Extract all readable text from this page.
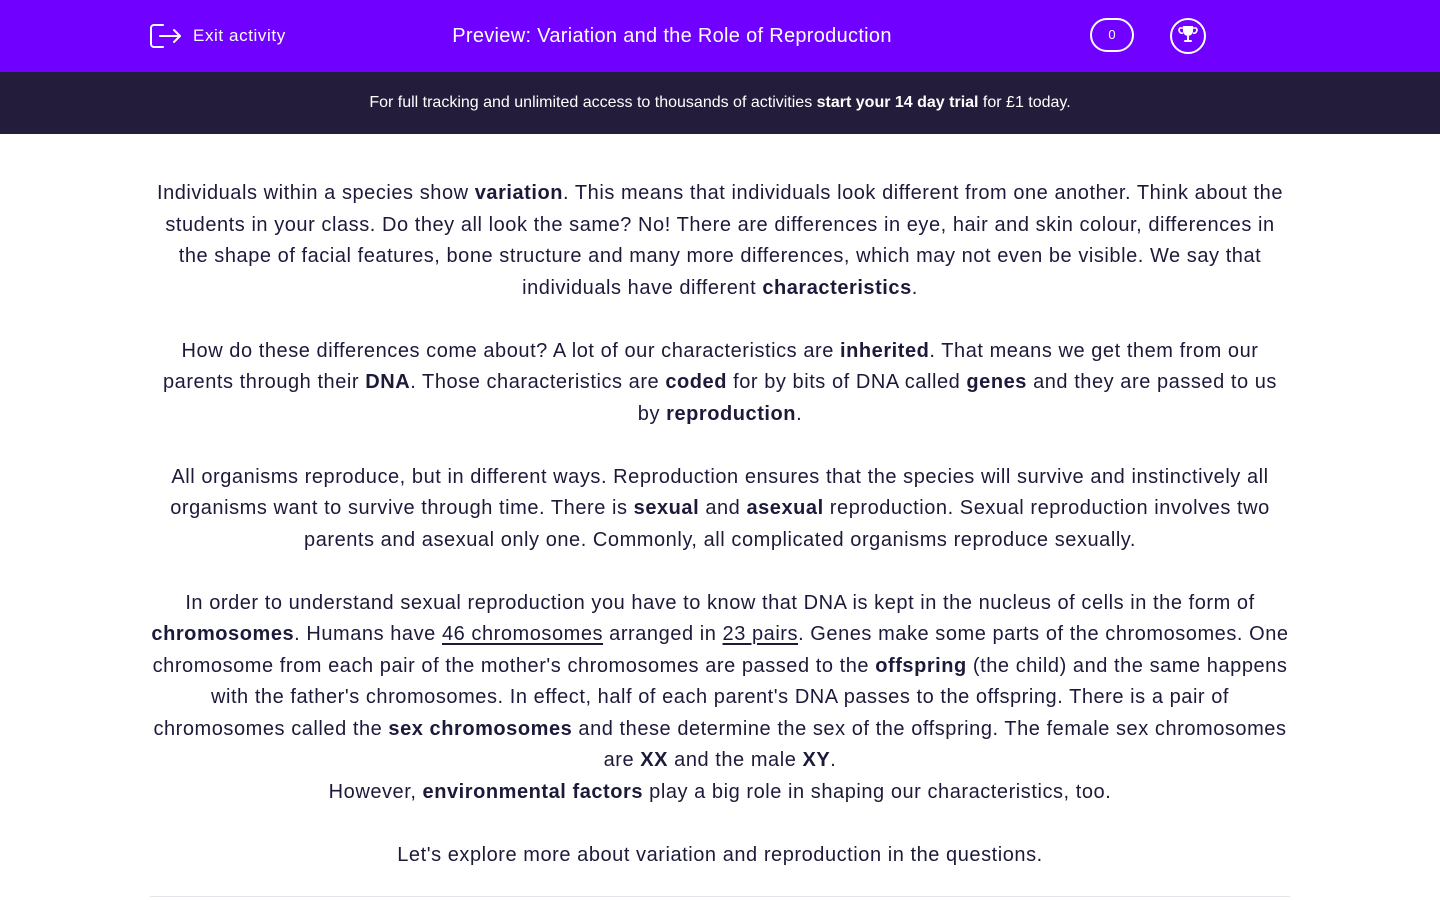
Exit activity	Preview: Variation and the Role of Reproduction	0
For full tracking and unlimited access to thousands of activities start your 14 day trial for £1 today.

Individuals within a species show variation. This means that individuals look different from one another. Think about the students in your class. Do they all look the same? No! There are differences in eye, hair and skin colour, differences in the shape of facial features, bone structure and many more differences, which may not even be visible. We say that individuals have different characteristics.

How do these differences come about? A lot of our characteristics are inherited. That means we get them from our parents through their DNA. Those characteristics are coded for by bits of DNA called genes and they are passed to us by reproduction.

All organisms reproduce, but in different ways. Reproduction ensures that the species will survive and instinctively all organisms want to survive through time. There is sexual and asexual reproduction. Sexual reproduction involves two parents and asexual only one. Commonly, all complicated organisms reproduce sexually.

In order to understand sexual reproduction you have to know that DNA is kept in the nucleus of cells in the form of chromosomes. Humans have 46 chromosomes arranged in 23 pairs. Genes make some parts of the chromosomes. One chromosome from each pair of the mother's chromosomes are passed to the offspring (the child) and the same happens with the father's chromosomes. In effect, half of each parent's DNA passes to the offspring. There is a pair of chromosomes called the sex chromosomes and these determine the sex of the offspring. The female sex chromosomes are XX and the male XY.

However, environmental factors play a big role in shaping our characteristics, too.

Let's explore more about variation and reproduction in the questions.
